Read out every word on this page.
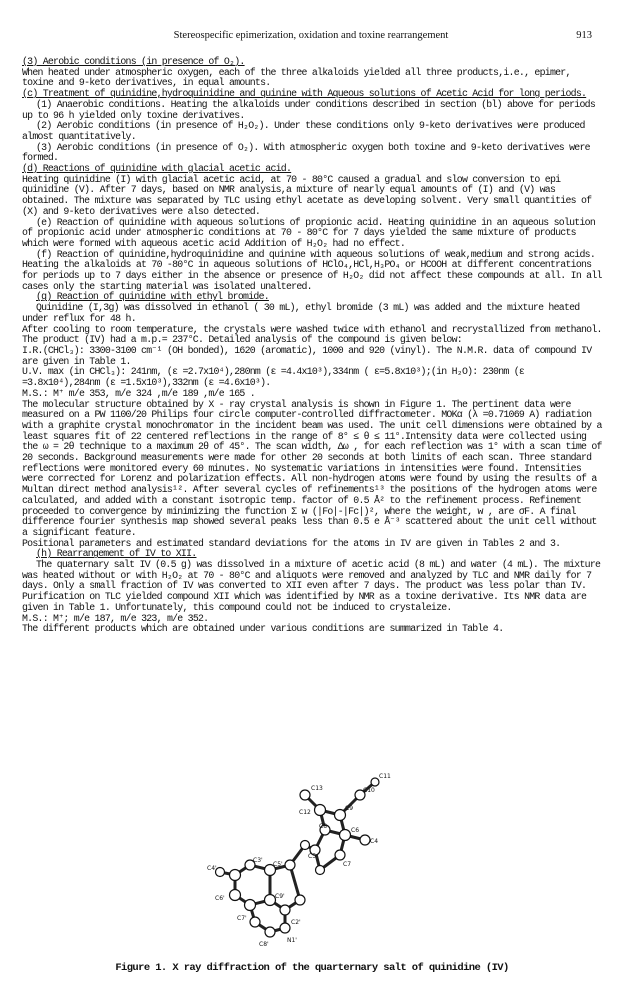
Stereospecific epimerization, oxidation and toxine rearrangement	913

(3) Aerobic conditions (in presence of O₂).

When heated under atmospheric oxygen, each of the three alkaloids yielded all three products,i.e., epimer, toxine and 9-keto derivatives, in equal amounts.

(c) Treatment of quinidine,hydroquinidine and quinine with Aqueous solutions of Acetic Acid for long periods.

(1) Anaerobic conditions. Heating the alkaloids under conditions described in section (bl) above for periods up to 96 h yielded only toxine derivatives.

(2) Aerobic conditions (in presence of H₂O₂). Under these conditions only 9-keto derivatives were produced almost quantitatively.

(3) Aerobic conditions (in presence of O₂). With atmospheric oxygen both toxine and 9-keto derivatives were formed.

(d) Reactions of quinidine with glacial acetic acid.

Heating quinidine (I) with glacial acetic acid, at 70 - 80°C caused a gradual and slow conversion to epi quinidine (V). After 7 days, based on NMR analysis,a mixture of nearly equal amounts of (I) and (V) was obtained. The mixture was separated by TLC using ethyl acetate as developing solvent. Very small quantities of (X) and 9-keto derivatives were also detected.

(e) Reaction of quinidine with aqueous solutions of propionic acid. Heating quinidine in an aqueous solution of propionic acid under atmospheric conditions at 70 - 80°C for 7 days yielded the same mixture of products which were formed with aqueous acetic acid Addition of H₂O₂ had no effect.

(f) Reaction of quinidine,hydroquinidine and quinine with aqueous solutions of weak,medium and strong acids.

Heating the alkaloids at 70 -80°C in aqueous solutions of HClO₄,HCl,H₃PO₄ or HCOOH at different concentrations for periods up to 7 days either in the absence or presence of H₂O₂ did not affect these compounds at all. In all cases only the starting material was isolated unaltered.

(g) Reaction of quinidine with ethyl bromide.

Quinidine (I,3g) was dissolved in ethanol ( 30 mL), ethyl bromide (3 mL) was added and the mixture heated under reflux for 48 h.

After cooling to room temperature, the crystals were washed twice with ethanol and recrystallized from methanol. The product (IV) had a m.p.= 237°C. Detailed analysis of the compound is given below:

I.R.(CHCl₃): 3300-3100 cm⁻¹ (OH bonded), 1620 (aromatic), 1000 and 920 (vinyl). The N.M.R. data of compound IV are given in Table 1.

U.V. max (in CHCl₃): 241nm, (ε =2.7x10⁴),280nm (ε =4.4x10³),334nm ( ε=5.8x10³);(in H₂O): 230nm (ε =3.8x10⁴),284nm (ε =1.5x10³),332nm (ε =4.6x10³).

M.S.: M⁺ m/e 353, m/e 324 ,m/e 189 ,m/e 165 .

The molecular structure obtained by X - ray crystal analysis is shown in Figure 1. The pertinent data were measured on a PW 1100/20 Philips four circle computer-controlled diffractometer. MOKα (λ =0.71069 A) radiation with a graphite crystal monochromator in the incident beam was used. The unit cell dimensions were obtained by a least squares fit of 22 centered reflections in the range of 8° ≤ θ ≤ 11°.Intensity data were collected using the ω = 2θ technique to a maximum 2θ of 45°. The scan width, Δω , for each reflection was 1° with a scan time of 20 seconds. Background measurements were made for other 20 seconds at both limits of each scan. Three standard reflections were monitored every 60 minutes. No systematic variations in intensities were found. Intensities were corrected for Lorenz and polarization effects. All non-hydrogen atoms were found by using the results of a Multan direct method analysis¹². After several cycles of refinements¹³ the positions of the hydrogen atoms were calculated, and added with a constant isotropic temp. factor of 0.5 Å² to the refinement process. Refinement proceeded to convergence by minimizing the function Σ w (|Fo|-|Fc|)², where the weight, w , are σF. A final difference fourier synthesis map showed several peaks less than 0.5 e Å⁻³ scattered about the unit cell without a significant feature.

Positional parameters and estimated standard deviations for the atoms in IV are given in Tables 2 and 3.

(h) Rearrangement of IV to XII.

The quaternary salt IV (0.5 g) was dissolved in a mixture of acetic acid (8 mL) and water (4 mL). The mixture was heated without or with H₂O₂ at 70 - 80°C and aliquots were removed and analyzed by TLC and NMR daily for 7 days. Only a small fraction of IV was converted to XII even after 7 days. The product was less polar than IV. Purification on TLC yielded compound XII which was identified by NMR as a toxine derivative. Its NMR data are given in Table 1. Unfortunately, this compound could not be induced to crystaleize.

M.S.: M⁺; m/e 187, m/e 323, m/e 352.

The different products which are obtained under various conditions are summarized in Table 4.

C13
C11
C12
C9
C8
C6
C10
C5
C4
C7
C4'
C5'
C6'
C3'
C7'
C9'
C2'
C8'
N1'
Figure 1. X ray diffraction of the quarternary salt of quinidine (IV)
